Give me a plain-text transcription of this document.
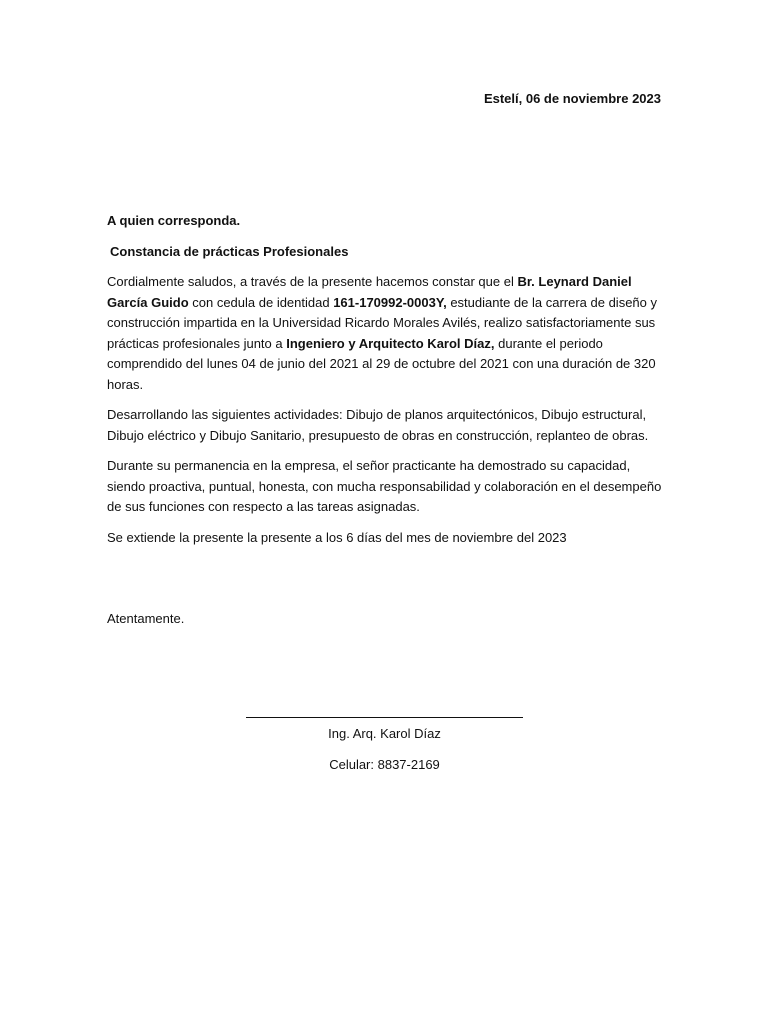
Estelí, 06 de noviembre 2023

A quien corresponda.

Constancia de prácticas Profesionales

Cordialmente saludos, a través de la presente hacemos constar que el Br. Leynard Daniel García Guido con cedula de identidad 161-170992-0003Y, estudiante de la carrera de diseño y construcción impartida en la Universidad Ricardo Morales Avilés, realizo satisfactoriamente sus prácticas profesionales junto a Ingeniero y Arquitecto Karol Díaz, durante el periodo comprendido del lunes 04 de junio del 2021 al 29 de octubre del 2021 con una duración de 320 horas.

Desarrollando las siguientes actividades: Dibujo de planos arquitectónicos, Dibujo estructural, Dibujo eléctrico y Dibujo Sanitario, presupuesto de obras en construcción, replanteo de obras.

Durante su permanencia en la empresa, el señor practicante ha demostrado su capacidad, siendo proactiva, puntual, honesta, con mucha responsabilidad y colaboración en el desempeño de sus funciones con respecto a las tareas asignadas.

Se extiende la presente la presente a los 6 días del mes de noviembre del 2023

Atentamente.
Ing. Arq. Karol Díaz
Celular: 8837-2169
